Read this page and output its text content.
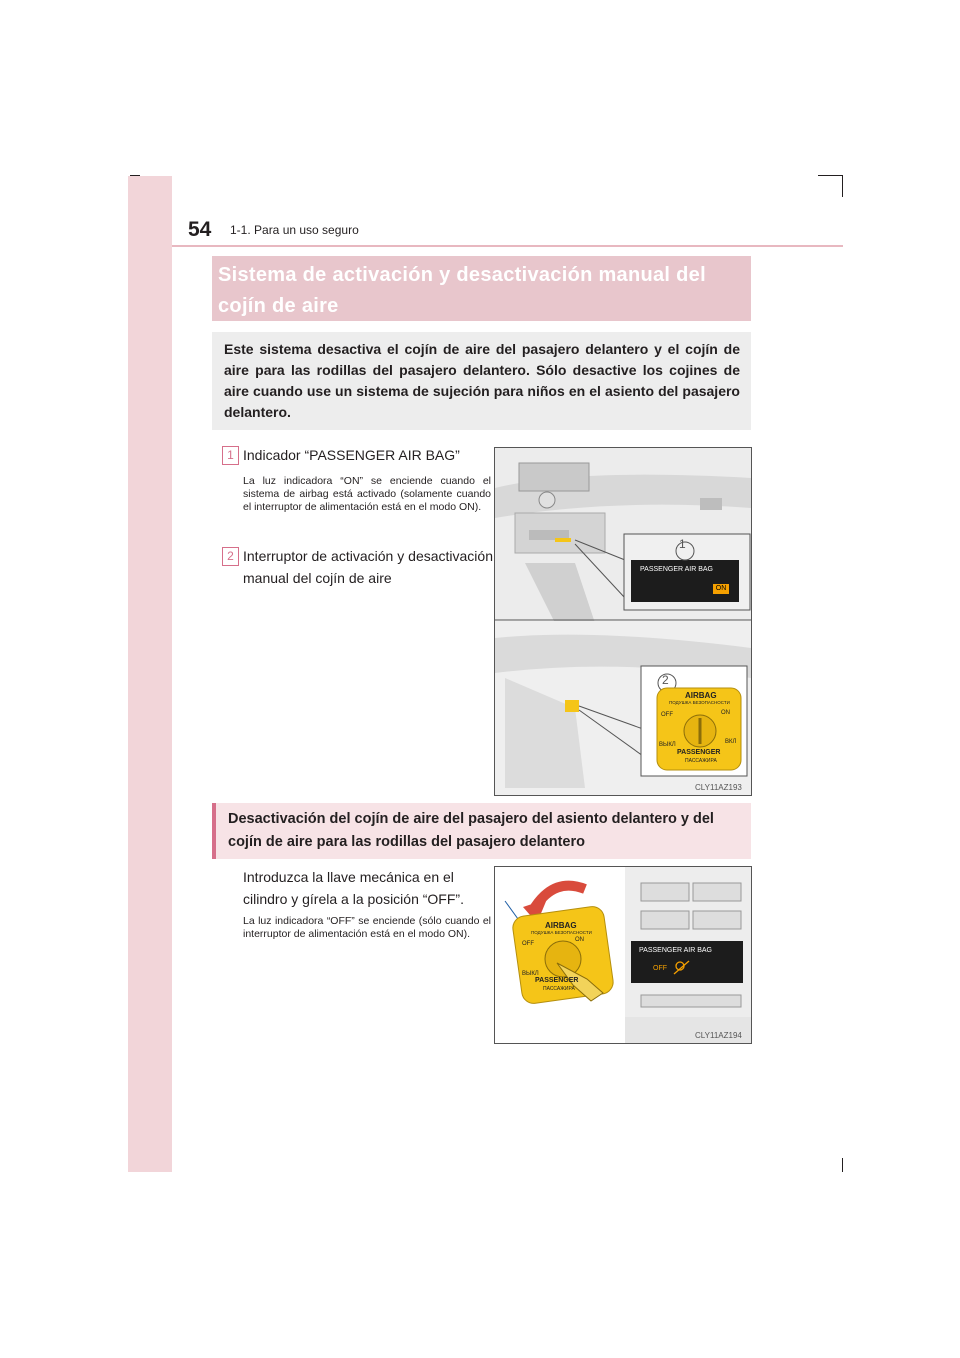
54 1-1. Para un uso seguro
Sistema de activación y desactivación manual del cojín de aire
Este sistema desactiva el cojín de aire del pasajero delantero y el cojín de aire para las rodillas del pasajero delantero. Sólo desactive los cojines de aire cuando use un sistema de sujeción para niños en el asiento del pasajero delantero.
1 Indicador “PASSENGER AIR BAG”
La luz indicadora “ON” se enciende cuando el sistema de airbag está activado (solamente cuando el interruptor de alimentación está en el modo ON).
2 Interruptor de activación y desactivación manual del cojín de aire
1
PASSENGER AIR BAG
ON
2
AIRBAG
ПОДУШКА БЕЗОПАСНОСТИ
OFF	ON
ВЫКЛ	ВКЛ
PASSENGER
ПАССАЖИРА
CLY11AZ193
Desactivación del cojín de aire del pasajero del asiento delantero y del cojín de aire para las rodillas del pasajero delantero
Introduzca la llave mecánica en el cilindro y gírela a la posición “OFF”.
La luz indicadora “OFF” se enciende (sólo cuando el interruptor de alimentación está en el modo ON).
AIRBAG
ПОДУШКА БЕЗОПАСНОСТИ
OFF
ON
ВЫКЛ
PASSENGER
ПАССАЖИРА
PASSENGER AIR BAG
OFF
CLY11AZ194
